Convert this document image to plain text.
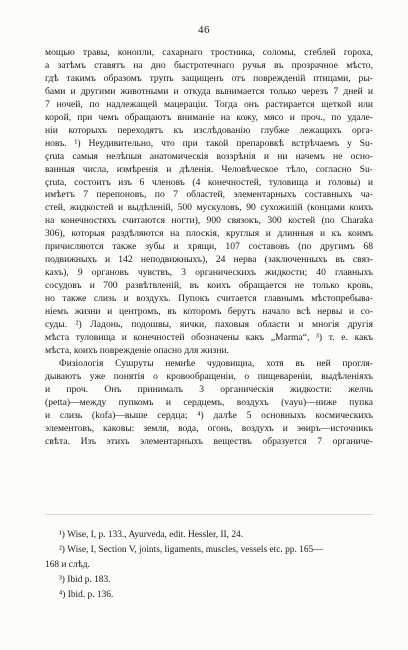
46
мощью травы, конопли, сахарнаго тростника, соломы, стеблей гороха,
а затѣмъ ставятъ на дно быстротечнаго ручья въ прозрачное мѣсто,
гдѣ такимъ образомъ трупъ защищенъ отъ поврежденій птицами, ры-
бами и другими животными и откуда вынимается только черезъ 7 дней и
7 ночей, по надлежащей мацераціи. Тогда онъ растирается щеткой или
корой, при чемъ обращаютъ вниманіе на кожу, мясо и проч., по удале-
ніи которыхъ переходятъ къ изслѣдованію глубже лежащихъ орга-
новъ. ¹) Неудивительно, что при такой препаровкѣ встрѣчаемъ у Su-
çruta самыя нелѣпыя анатомическія воззрѣнія и ни начемъ не осно-
ванныя числа, измѣренія и дѣленія. Человѣческое тѣло, согласно Su-
çruta, состоитъ изъ 6 членовъ (4 конечностей, туловища и головы) и
имѣетъ 7 перепоновъ, по 7 областей, элементарныхъ составныхъ ча-
стей, жидкостей и выдѣленій, 500 мускуловъ, 90 сухожилій (концами коихъ
на конечностяхъ считаются ногти), 900 связокъ, 300 костей (по Charaka
306), которыя раздѣляются на плоскія, круглыя и длинныя и къ коимъ
причисляются также зубы и хрящи, 107 составовъ (по другимъ 68
подвижныхъ и 142 неподвижныхъ), 24 нерва (заключенныхъ въ связ-
кахъ), 9 органовъ чувствъ, 3 органическихъ жидкости; 40 главныхъ
сосудовъ и 700 развѣтвленій, въ коихъ обращается не только кровь,
но также слизь и воздухъ. Пупокъ считается главнымъ мѣстопребыва-
ніемъ жизни и центромъ, въ которомъ берутъ начало всѣ нервы и со-
суды. ²) Ладонь, подошвы, яички, паховыя области и многія другія
мѣста туловища и конечностей обозначены какъ „Marma“, ³) т. е. какъ
мѣста, коихъ поврежденіе опасно для жизни.
Физіологія Сушруты немнѣе чудовищна, хотя въ ней прогля-
дываютъ уже понятія о кровообращеніи, о пищевареніи, выдѣленіяхъ
и проч. Онъ принималъ 3 органическія жидкости: желчь
(petta)—между пупкомъ и сердцемъ, воздухъ (vayu)—ниже пупка
и слизь (kofa)—выше сердца; ⁴) далѣе 5 основныхъ космическихъ
элементовъ, каковы: земля, вода, огонь, воздухъ и эѳиръ—источникъ
свѣта. Изъ этихъ элементарныхъ веществъ образуется 7 органиче-
¹) Wise, I, p. 133., Ayurveda, edit. Hessler, II, 24.
²) Wise, I, Section V, joints, ligaments, muscles, vessels etc. pp. 165—
168 и слѣд.
³) Ibid p. 183.
⁴) Ibid. p. 136.
